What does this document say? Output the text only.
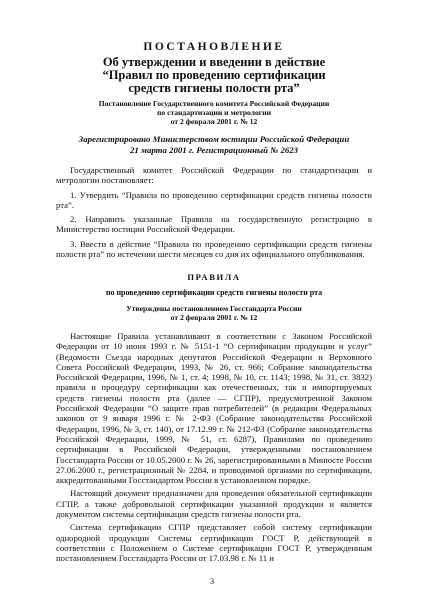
ПОСТАНОВЛЕНИЕ

Об утверждении и введении в действие

“Правил по проведению сертификации

средств гигиены полости рта”

Постановление Государственного комитета Российской Федерации

по стандартизации и метрологии

от 2 февраля 2001 г. № 12

Зарегистрировано Министерством юстиции Российской Федерации

21 марта 2001 г. Регистрационный № 2623

Государственный комитет Российской Федерации по стандартизации и метрологии постановляет:

1. Утвердить “Правила по проведению сертификации средств гигиены полости рта”.

2. Направить указанные Правила на государственную регистрацию в Министерство юстиции Российской Федерации.

3. Ввести в действие “Правила по проведению сертификации средств гигиены полости рта” по истечении шести месяцев со дня их официального опубликования.

ПРАВИЛА

по проведению сертификации средств гигиены полости рта

Утверждены постановлением Госстандарта России

от 2 февраля 2001 г. № 12

Настоящие Правила устанавливают в соответствии с Законом Российской Федерации от 10 июня 1993 г. № 5151-1 “О сертификации продукции и услуг” (Ведомости Съезда народных депутатов Российской Федерации и Верховного Совета Российской Федерации, 1993, № 26, ст. 966; Собрание законодательства Российской Федерации, 1996, № 1, ст. 4; 1998, № 10, ст. 1143; 1998, № 31, ст. 3832) правила и процедуру сертификации как отечественных, так и импортируемых средств гигиены полости рта (далее — СГПР), предусмотренной Законом Российской Федерации “О защите прав потребителей” (в редакции Федеральных законов от 9 января 1996 г. № 2-ФЗ (Собрание законодательства Российской Федерации, 1996, № 3, ст. 140), от 17.12.99 г. № 212-ФЗ (Собрание законодательства Российской Федерации, 1999, № 51, ст. 6287), Правилами по проведению сертификации в Российской Федерации, утвержденными постановлением Госстандарта России от 10.05.2000 г. № 26, зарегистрированными в Минюсте России 27.06.2000 г., регистрационный № 2284, и проводимой органами по сертификации, аккредитованными Госстандартом России в установленном порядке.

Настоящий документ предназначен для проведения обязательной сертификации СГПР, а также добровольной сертификации указанной продукции и является документом системы сертификации средств гигиены полости рта.

Система сертификации СГПР представляет собой систему сертификации однородной продукции Системы сертификации ГОСТ Р, действующей в соответствии с Положением о Системе сертификации ГОСТ Р, утвержденным постановлением Госстандарта России от 17.03.98 г. № 11 и

3
